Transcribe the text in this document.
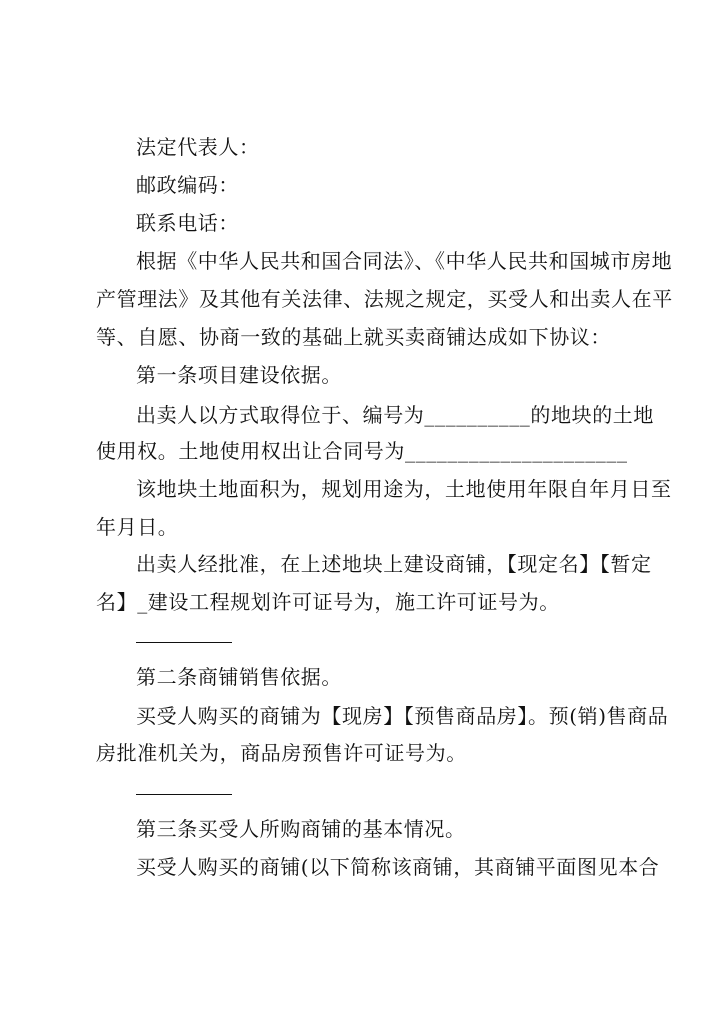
法定代表人：
邮政编码：
联系电话：
根据《中华人民共和国合同法》、《中华人民共和国城市房地
产管理法》及其他有关法律、法规之规定，买受人和出卖人在平
等、自愿、协商一致的基础上就买卖商铺达成如下协议：
第一条项目建设依据。
出卖人以方式取得位于、编号为__________的地块的土地
使用权。土地使用权出让合同号为_____________________
该地块土地面积为，规划用途为，土地使用年限自年月日至
年月日。
出卖人经批准，在上述地块上建设商铺，【现定名】【暂定
名】_建设工程规划许可证号为，施工许可证号为。
第二条商铺销售依据。
买受人购买的商铺为【现房】【预售商品房】。预(销)售商品
房批准机关为，商品房预售许可证号为。
第三条买受人所购商铺的基本情况。
买受人购买的商铺(以下简称该商铺，其商铺平面图见本合
